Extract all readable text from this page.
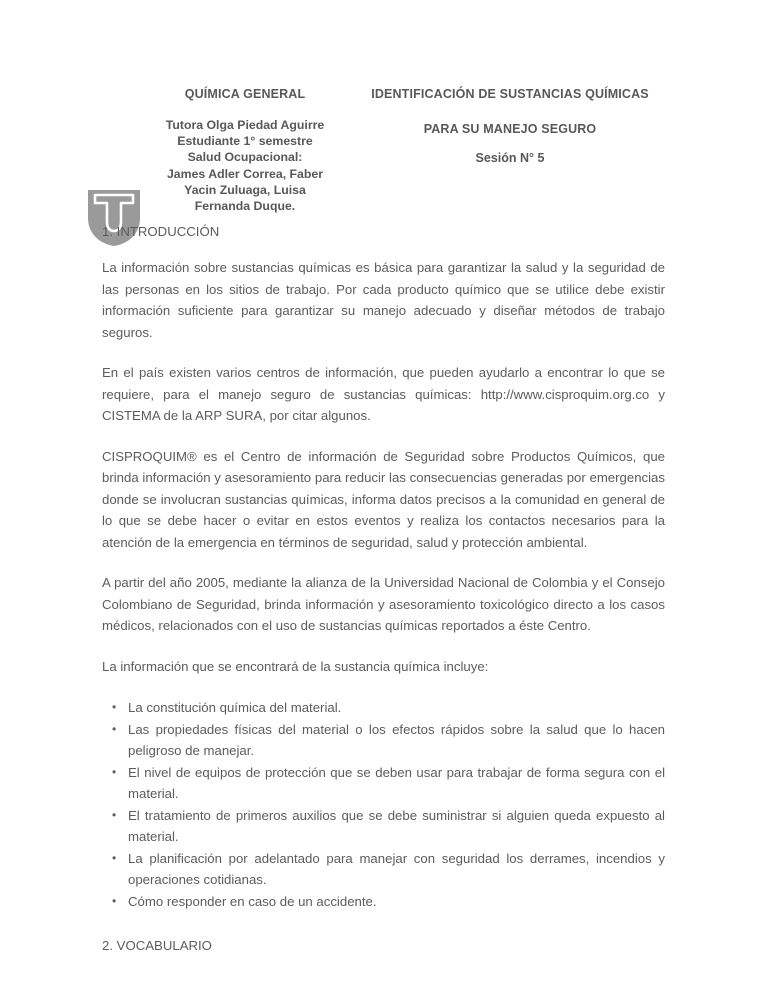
QUÍMICA GENERAL

Tutora Olga Piedad Aguirre
Estudiante 1° semestre
Salud Ocupacional:
James Adler Correa, Faber
Yacin Zuluaga, Luisa
Fernanda Duque.

IDENTIFICACIÓN DE SUSTANCIAS QUÍMICAS

PARA SU MANEJO SEGURO

Sesión N° 5

1. INTRODUCCIÓN

La información sobre sustancias químicas es básica para garantizar la salud y la seguridad de las personas en los sitios de trabajo. Por cada producto químico que se utilice debe existir información suficiente para garantizar su manejo adecuado y diseñar métodos de trabajo seguros.

En el país existen varios centros de información, que pueden ayudarlo a encontrar lo que se requiere, para el manejo seguro de sustancias químicas: http://www.cisproquim.org.co y CISTEMA de la ARP SURA, por citar algunos.

CISPROQUIM® es el Centro de información de Seguridad sobre Productos Químicos, que brinda información y asesoramiento para reducir las consecuencias generadas por emergencias donde se involucran sustancias químicas, informa datos precisos a la comunidad en general de lo que se debe hacer o evitar en estos eventos y realiza los contactos necesarios para la atención de la emergencia en términos de seguridad, salud y protección ambiental.

A partir del año 2005, mediante la alianza de la Universidad Nacional de Colombia y el Consejo Colombiano de Seguridad, brinda información y asesoramiento toxicológico directo a los casos médicos, relacionados con el uso de sustancias químicas reportados a éste Centro.

La información que se encontrará de la sustancia química incluye:

• La constitución química del material.
• Las propiedades físicas del material o los efectos rápidos sobre la salud que lo hacen peligroso de manejar.
• El nivel de equipos de protección que se deben usar para trabajar de forma segura con el material.
• El tratamiento de primeros auxilios que se debe suministrar si alguien queda expuesto al material.
• La planificación por adelantado para manejar con seguridad los derrames, incendios y operaciones cotidianas.
• Cómo responder en caso de un accidente.

2. VOCABULARIO
